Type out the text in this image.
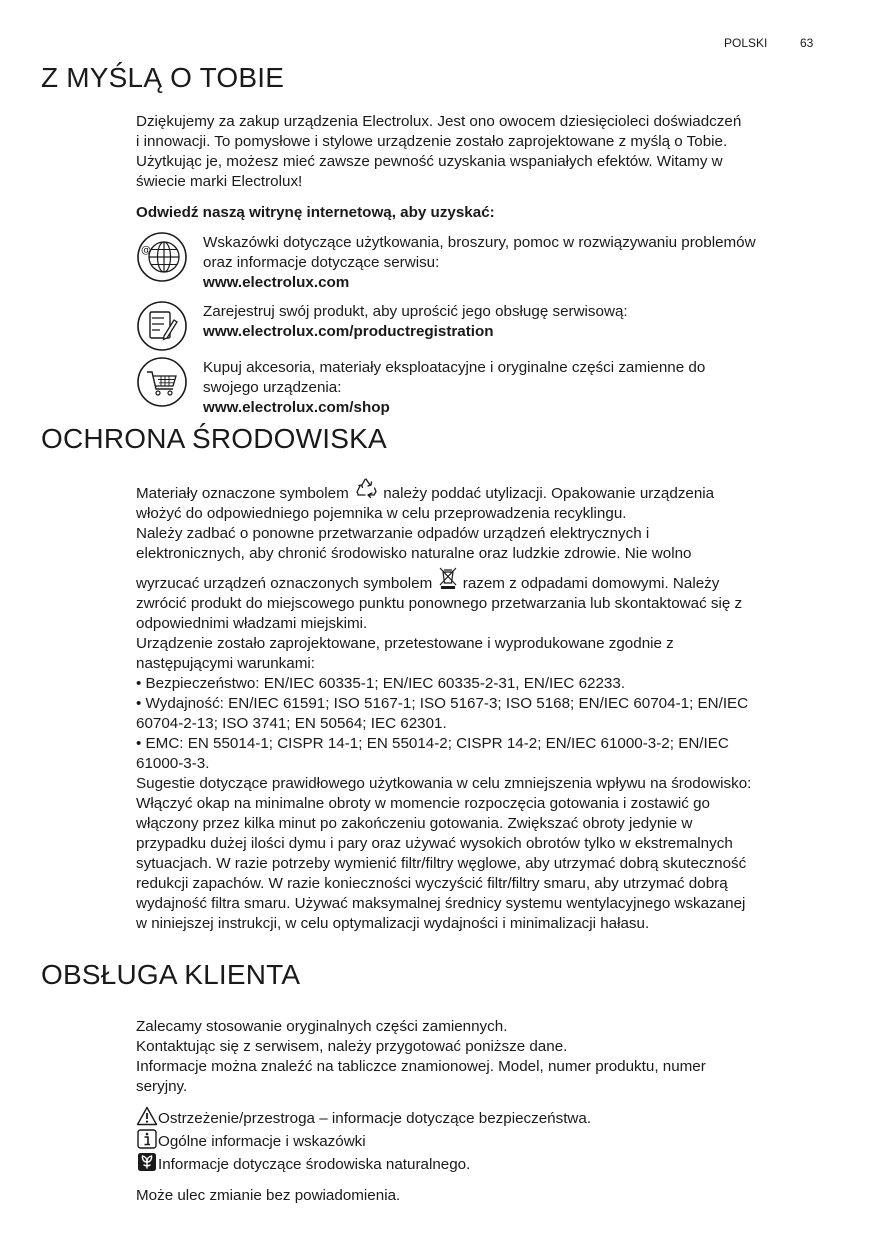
POLSKI	63
Z MYŚLĄ O TOBIE
Dziękujemy za zakup urządzenia Electrolux. Jest ono owocem dziesięcioleci doświadczeń
i innowacji. To pomysłowe i stylowe urządzenie zostało zaprojektowane z myślą o Tobie.
Użytkując je, możesz mieć zawsze pewność uzyskania wspaniałych efektów. Witamy w
świecie marki Electrolux!
Odwiedź naszą witrynę internetową, aby uzyskać:
@	Wskazówki dotyczące użytkowania, broszury, pomoc w rozwiązywaniu problemów
oraz informacje dotyczące serwisu:
www.electrolux.com
Zarejestruj swój produkt, aby uprościć jego obsługę serwisową:
www.electrolux.com/productregistration
Kupuj akcesoria, materiały eksploatacyjne i oryginalne części zamienne do
swojego urządzenia:
www.electrolux.com/shop
OCHRONA ŚRODOWISKA
Materiały oznaczone symbolem należy poddać utylizacji. Opakowanie urządzenia
włożyć do odpowiedniego pojemnika w celu przeprowadzenia recyklingu.
Należy zadbać o ponowne przetwarzanie odpadów urządzeń elektrycznych i
elektronicznych, aby chronić środowisko naturalne oraz ludzkie zdrowie. Nie wolno
wyrzucać urządzeń oznaczonych symbolem razem z odpadami domowymi. Należy
zwrócić produkt do miejscowego punktu ponownego przetwarzania lub skontaktować się z
odpowiednimi władzami miejskimi.
Urządzenie zostało zaprojektowane, przetestowane i wyprodukowane zgodnie z
następującymi warunkami:
• Bezpieczeństwo: EN/IEC 60335-1; EN/IEC 60335-2-31, EN/IEC 62233.
• Wydajność: EN/IEC 61591; ISO 5167-1; ISO 5167-3; ISO 5168; EN/IEC 60704-1; EN/IEC
60704-2-13; ISO 3741; EN 50564; IEC 62301.
• EMC: EN 55014-1; CISPR 14-1; EN 55014-2; CISPR 14-2; EN/IEC 61000-3-2; EN/IEC
61000-3-3.
Sugestie dotyczące prawidłowego użytkowania w celu zmniejszenia wpływu na środowisko:
Włączyć okap na minimalne obroty w momencie rozpoczęcia gotowania i zostawić go
włączony przez kilka minut po zakończeniu gotowania. Zwiększać obroty jedynie w
przypadku dużej ilości dymu i pary oraz używać wysokich obrotów tylko w ekstremalnych
sytuacjach. W razie potrzeby wymienić filtr/filtry węglowe, aby utrzymać dobrą skuteczność
redukcji zapachów. W razie konieczności wyczyścić filtr/filtry smaru, aby utrzymać dobrą
wydajność filtra smaru. Używać maksymalnej średnicy systemu wentylacyjnego wskazanej
w niniejszej instrukcji, w celu optymalizacji wydajności i minimalizacji hałasu.
OBSŁUGA KLIENTA
Zalecamy stosowanie oryginalnych części zamiennych.
Kontaktując się z serwisem, należy przygotować poniższe dane.
Informacje można znaleźć na tabliczce znamionowej. Model, numer produktu, numer
seryjny.
Ostrzeżenie/przestroga – informacje dotyczące bezpieczeństwa.
Ogólne informacje i wskazówki
Informacje dotyczące środowiska naturalnego.
Może ulec zmianie bez powiadomienia.
